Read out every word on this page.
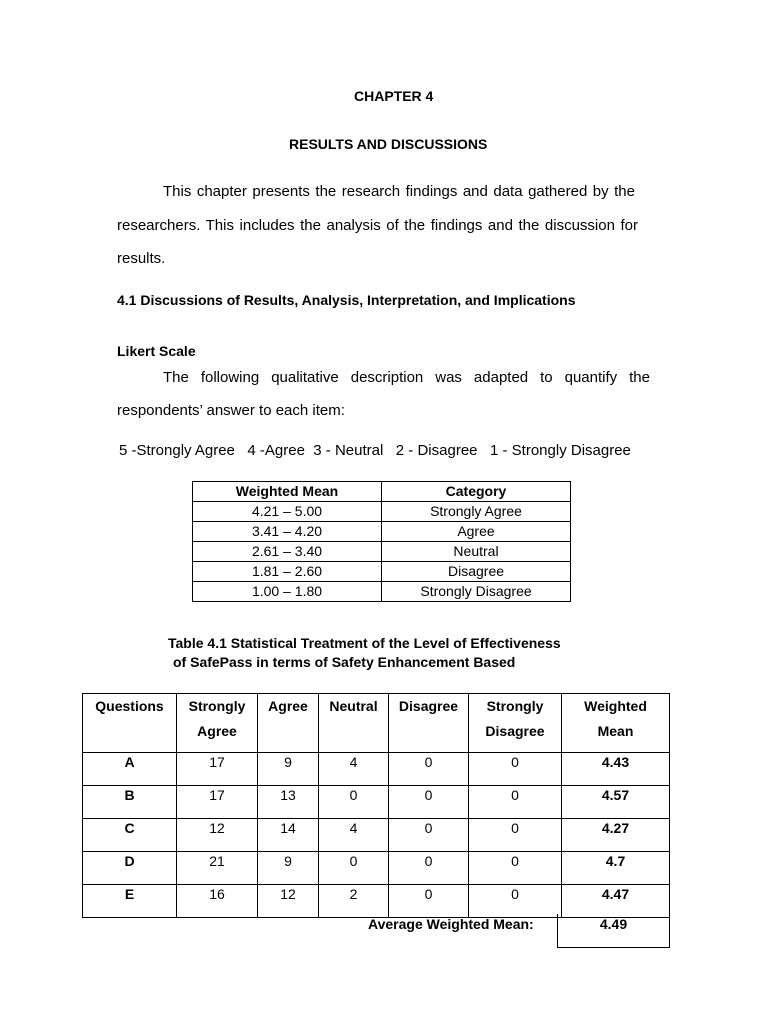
CHAPTER 4
RESULTS AND DISCUSSIONS
This chapter presents the research findings and data gathered by the
researchers. This includes the analysis of the findings and the discussion for
results.
4.1 Discussions of Results, Analysis, Interpretation, and Implications
Likert Scale
The following qualitative description was adapted to quantify the
respondents’ answer to each item:
5 -Strongly Agree   4 -Agree  3 - Neutral   2 - Disagree   1 - Strongly Disagree
Weighted Mean	Category
4.21 – 5.00	Strongly Agree
3.41 – 4.20	Agree
2.61 – 3.40	Neutral
1.81 – 2.60	Disagree
1.00 – 1.80	Strongly Disagree
Table 4.1 Statistical Treatment of the Level of Effectiveness
of SafePass in terms of Safety Enhancement Based
Questions	Strongly
Agree	Agree	Neutral	Disagree	Strongly
Disagree	Weighted
Mean
A	17	9	4	0	0	4.43
B	17	13	0	0	0	4.57
C	12	14	4	0	0	4.27
D	21	9	0	0	0	4.7
E	16	12	2	0	0	4.47
Average Weighted Mean:	4.49
